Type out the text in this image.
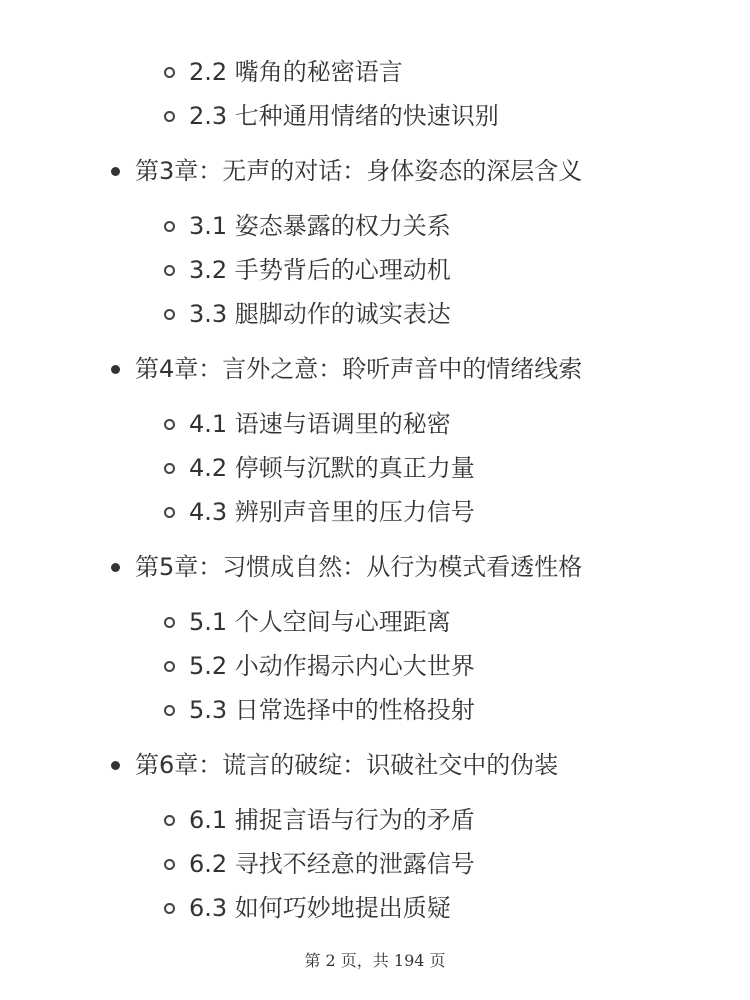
2.2 嘴角的秘密语言
2.3 七种通用情绪的快速识别
第3章：无声的对话：身体姿态的深层含义
3.1 姿态暴露的权力关系
3.2 手势背后的心理动机
3.3 腿脚动作的诚实表达
第4章：言外之意：聆听声音中的情绪线索
4.1 语速与语调里的秘密
4.2 停顿与沉默的真正力量
4.3 辨别声音里的压力信号
第5章：习惯成自然：从行为模式看透性格
5.1 个人空间与心理距离
5.2 小动作揭示内心大世界
5.3 日常选择中的性格投射
第6章：谎言的破绽：识破社交中的伪装
6.1 捕捉言语与行为的矛盾
6.2 寻找不经意的泄露信号
6.3 如何巧妙地提出质疑
第 2 页，共 194 页
